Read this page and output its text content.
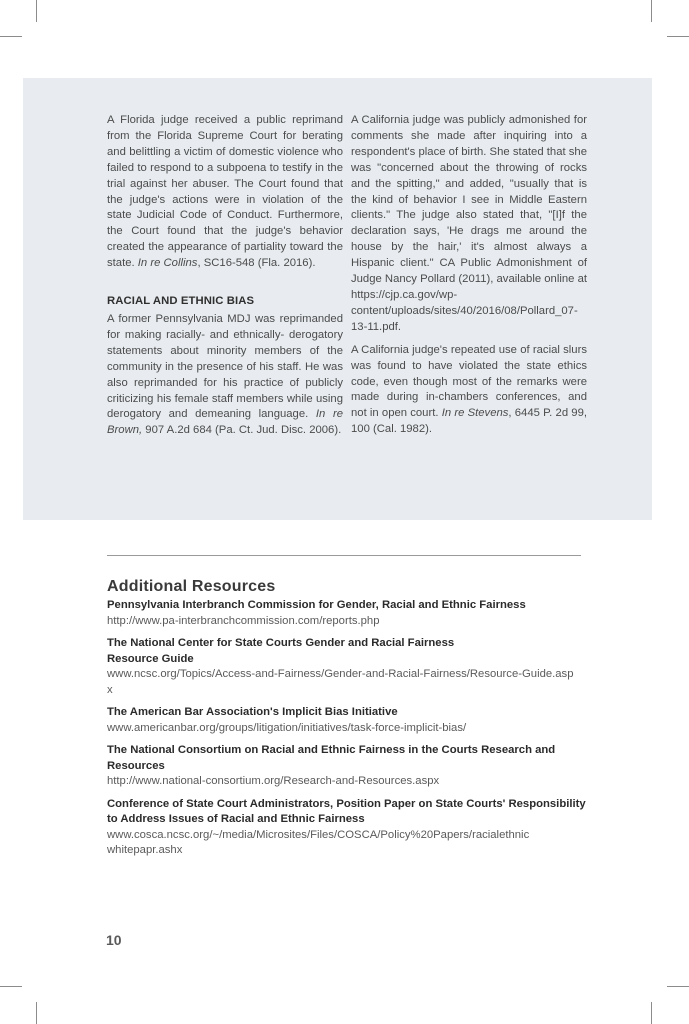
A Florida judge received a public reprimand from the Florida Supreme Court for berating and belittling a victim of domestic violence who failed to respond to a subpoena to testify in the trial against her abuser. The Court found that the judge's actions were in violation of the state Judicial Code of Conduct. Furthermore, the Court found that the judge's behavior created the appearance of partiality toward the state. In re Collins, SC16-548 (Fla. 2016).

RACIAL AND ETHNIC BIAS

A former Pennsylvania MDJ was reprimanded for making racially- and ethnically- derogatory statements about minority members of the community in the presence of his staff. He was also reprimanded for his practice of publicly criticizing his female staff members while using derogatory and demeaning language. In re Brown, 907 A.2d 684 (Pa. Ct. Jud. Disc. 2006).

A California judge was publicly admonished for comments she made after inquiring into a respondent's place of birth. She stated that she was "concerned about the throwing of rocks and the spitting," and added, "usually that is the kind of behavior I see in Middle Eastern clients." The judge also stated that, "[I]f the declaration says, 'He drags me around the house by the hair,' it's almost always a Hispanic client." CA Public Admonishment of Judge Nancy Pollard (2011), available online at https://cjp.ca.gov/wp-content/uploads/sites/40/2016/08/Pollard_07-13-11.pdf.

A California judge's repeated use of racial slurs was found to have violated the state ethics code, even though most of the remarks were made during in-chambers conferences, and not in open court. In re Stevens, 6445 P. 2d 99, 100 (Cal. 1982).

Additional Resources
Pennsylvania Interbranch Commission for Gender, Racial and Ethnic Fairness
http://www.pa-interbranchcommission.com/reports.php
The National Center for State Courts Gender and Racial Fairness Resource Guide
www.ncsc.org/Topics/Access-and-Fairness/Gender-and-Racial-Fairness/Resource-Guide.aspx
The American Bar Association's Implicit Bias Initiative
www.americanbar.org/groups/litigation/initiatives/task-force-implicit-bias/
The National Consortium on Racial and Ethnic Fairness in the Courts Research and Resources
http://www.national-consortium.org/Research-and-Resources.aspx
Conference of State Court Administrators, Position Paper on State Courts' Responsibility to Address Issues of Racial and Ethnic Fairness
www.cosca.ncsc.org/~/media/Microsites/Files/COSCA/Policy%20Papers/racialethnicwhitepapr.ashx
10
